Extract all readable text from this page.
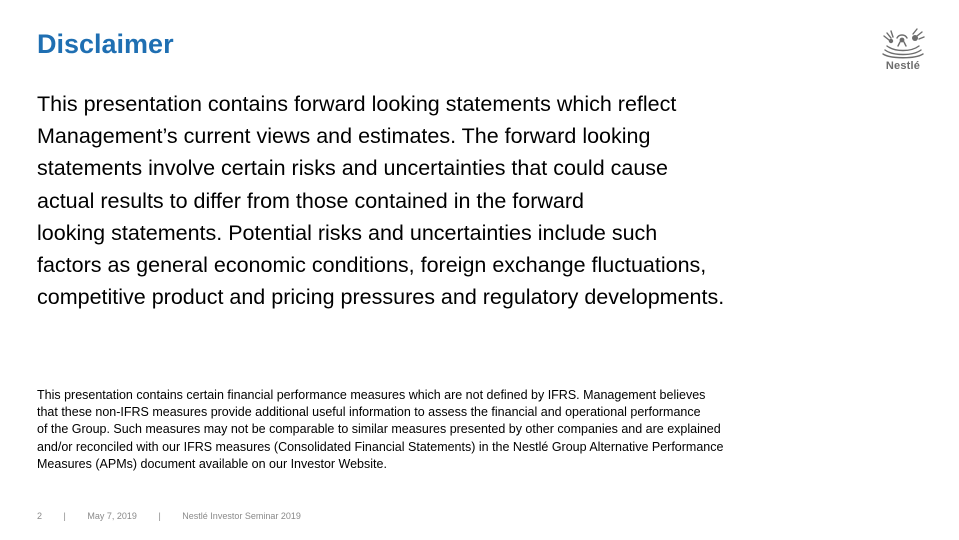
Disclaimer
Nestlé
This presentation contains forward looking statements which reflect
Management’s current views and estimates. The forward looking
statements involve certain risks and uncertainties that could cause
actual results to differ from those contained in the forward
looking statements. Potential risks and uncertainties include such
factors as general economic conditions, foreign exchange fluctuations,
competitive product and pricing pressures and regulatory developments.
This presentation contains certain financial performance measures which are not defined by IFRS. Management believes
that these non-IFRS measures provide additional useful information to assess the financial and operational performance
of the Group. Such measures may not be comparable to similar measures presented by other companies and are explained
and/or reconciled with our IFRS measures (Consolidated Financial Statements) in the Nestlé Group Alternative Performance
Measures (APMs) document available on our Investor Website.
2 | May 7, 2019 | Nestlé Investor Seminar 2019
